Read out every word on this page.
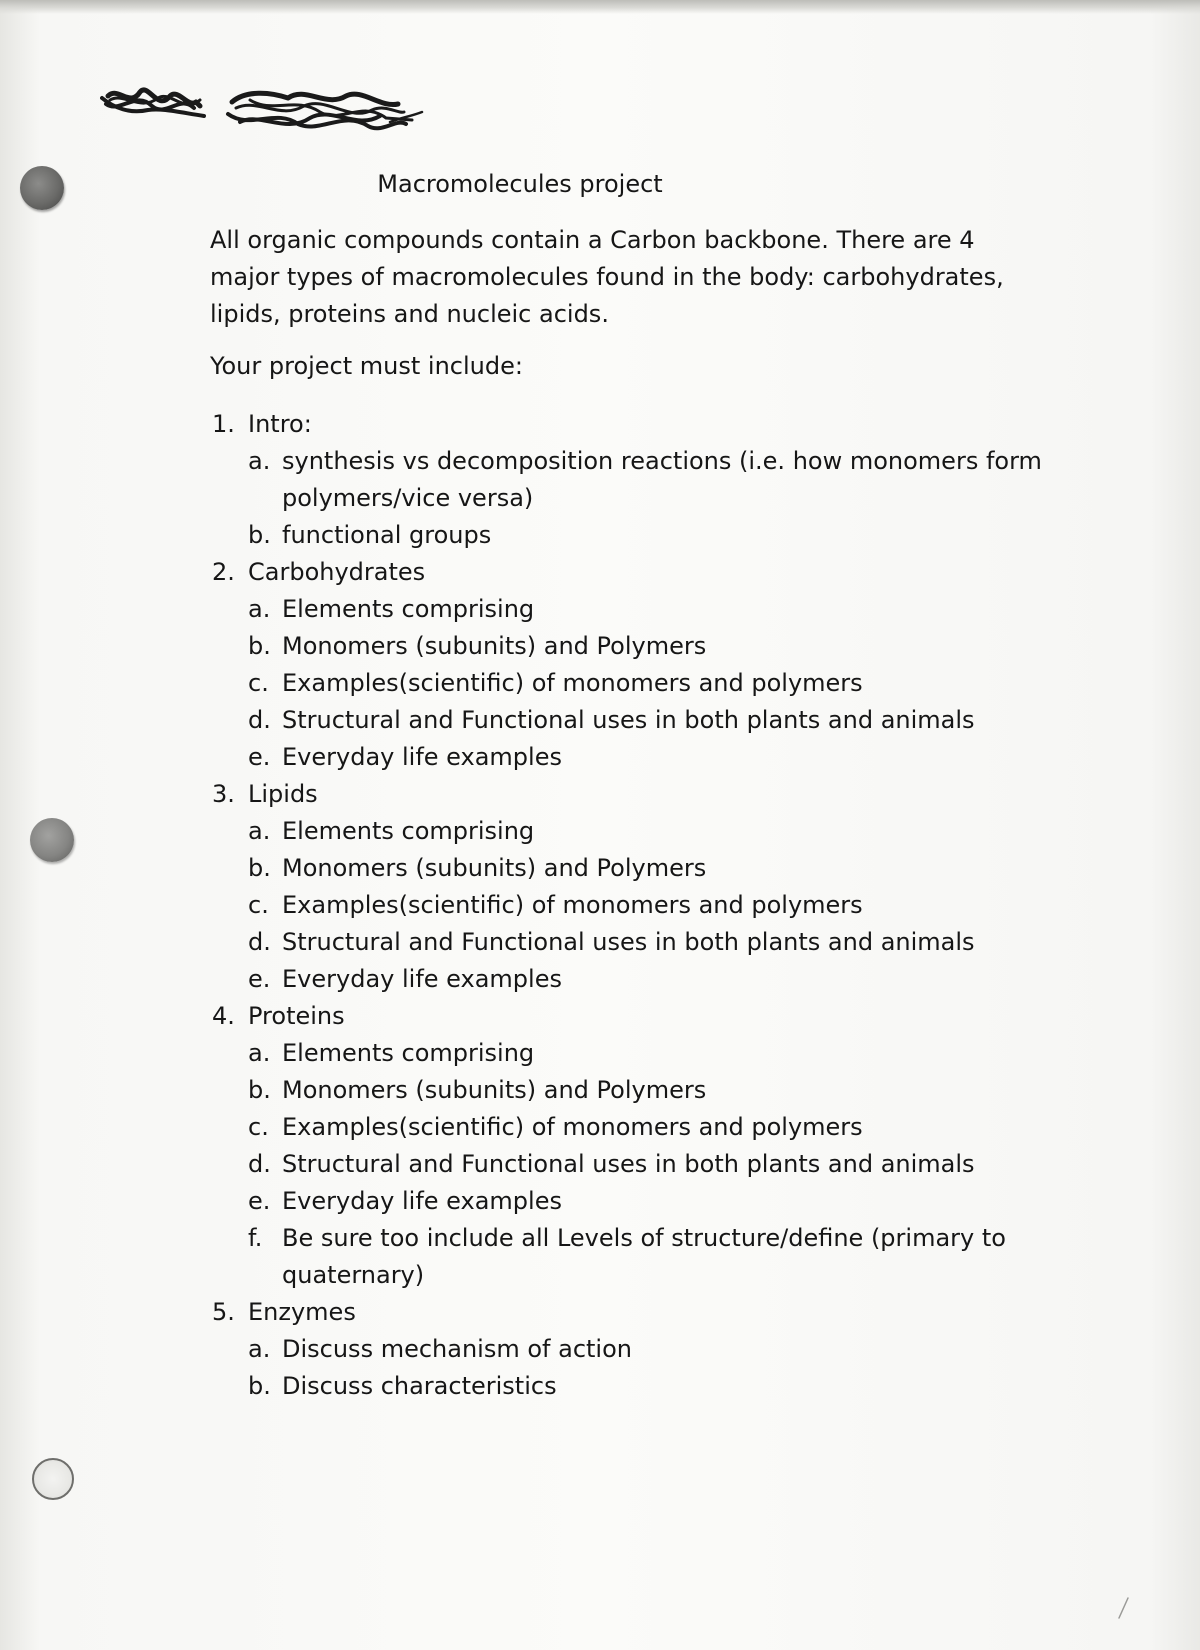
Macromolecules project

All organic compounds contain a Carbon backbone. There are 4 major types of macromolecules found in the body: carbohydrates, lipids, proteins and nucleic acids.

Your project must include:

1. Intro:
a. synthesis vs decomposition reactions (i.e. how monomers form polymers/vice versa)
b. functional groups
2. Carbohydrates
a. Elements comprising
b. Monomers (subunits) and Polymers
c. Examples(scientific) of monomers and polymers
d. Structural and Functional uses in both plants and animals
e. Everyday life examples
3. Lipids
a. Elements comprising
b. Monomers (subunits) and Polymers
c. Examples(scientific) of monomers and polymers
d. Structural and Functional uses in both plants and animals
e. Everyday life examples
4. Proteins
a. Elements comprising
b. Monomers (subunits) and Polymers
c. Examples(scientific) of monomers and polymers
d. Structural and Functional uses in both plants and animals
e. Everyday life examples
f. Be sure too include all Levels of structure/define (primary to quaternary)
5. Enzymes
a. Discuss mechanism of action
b. Discuss characteristics
